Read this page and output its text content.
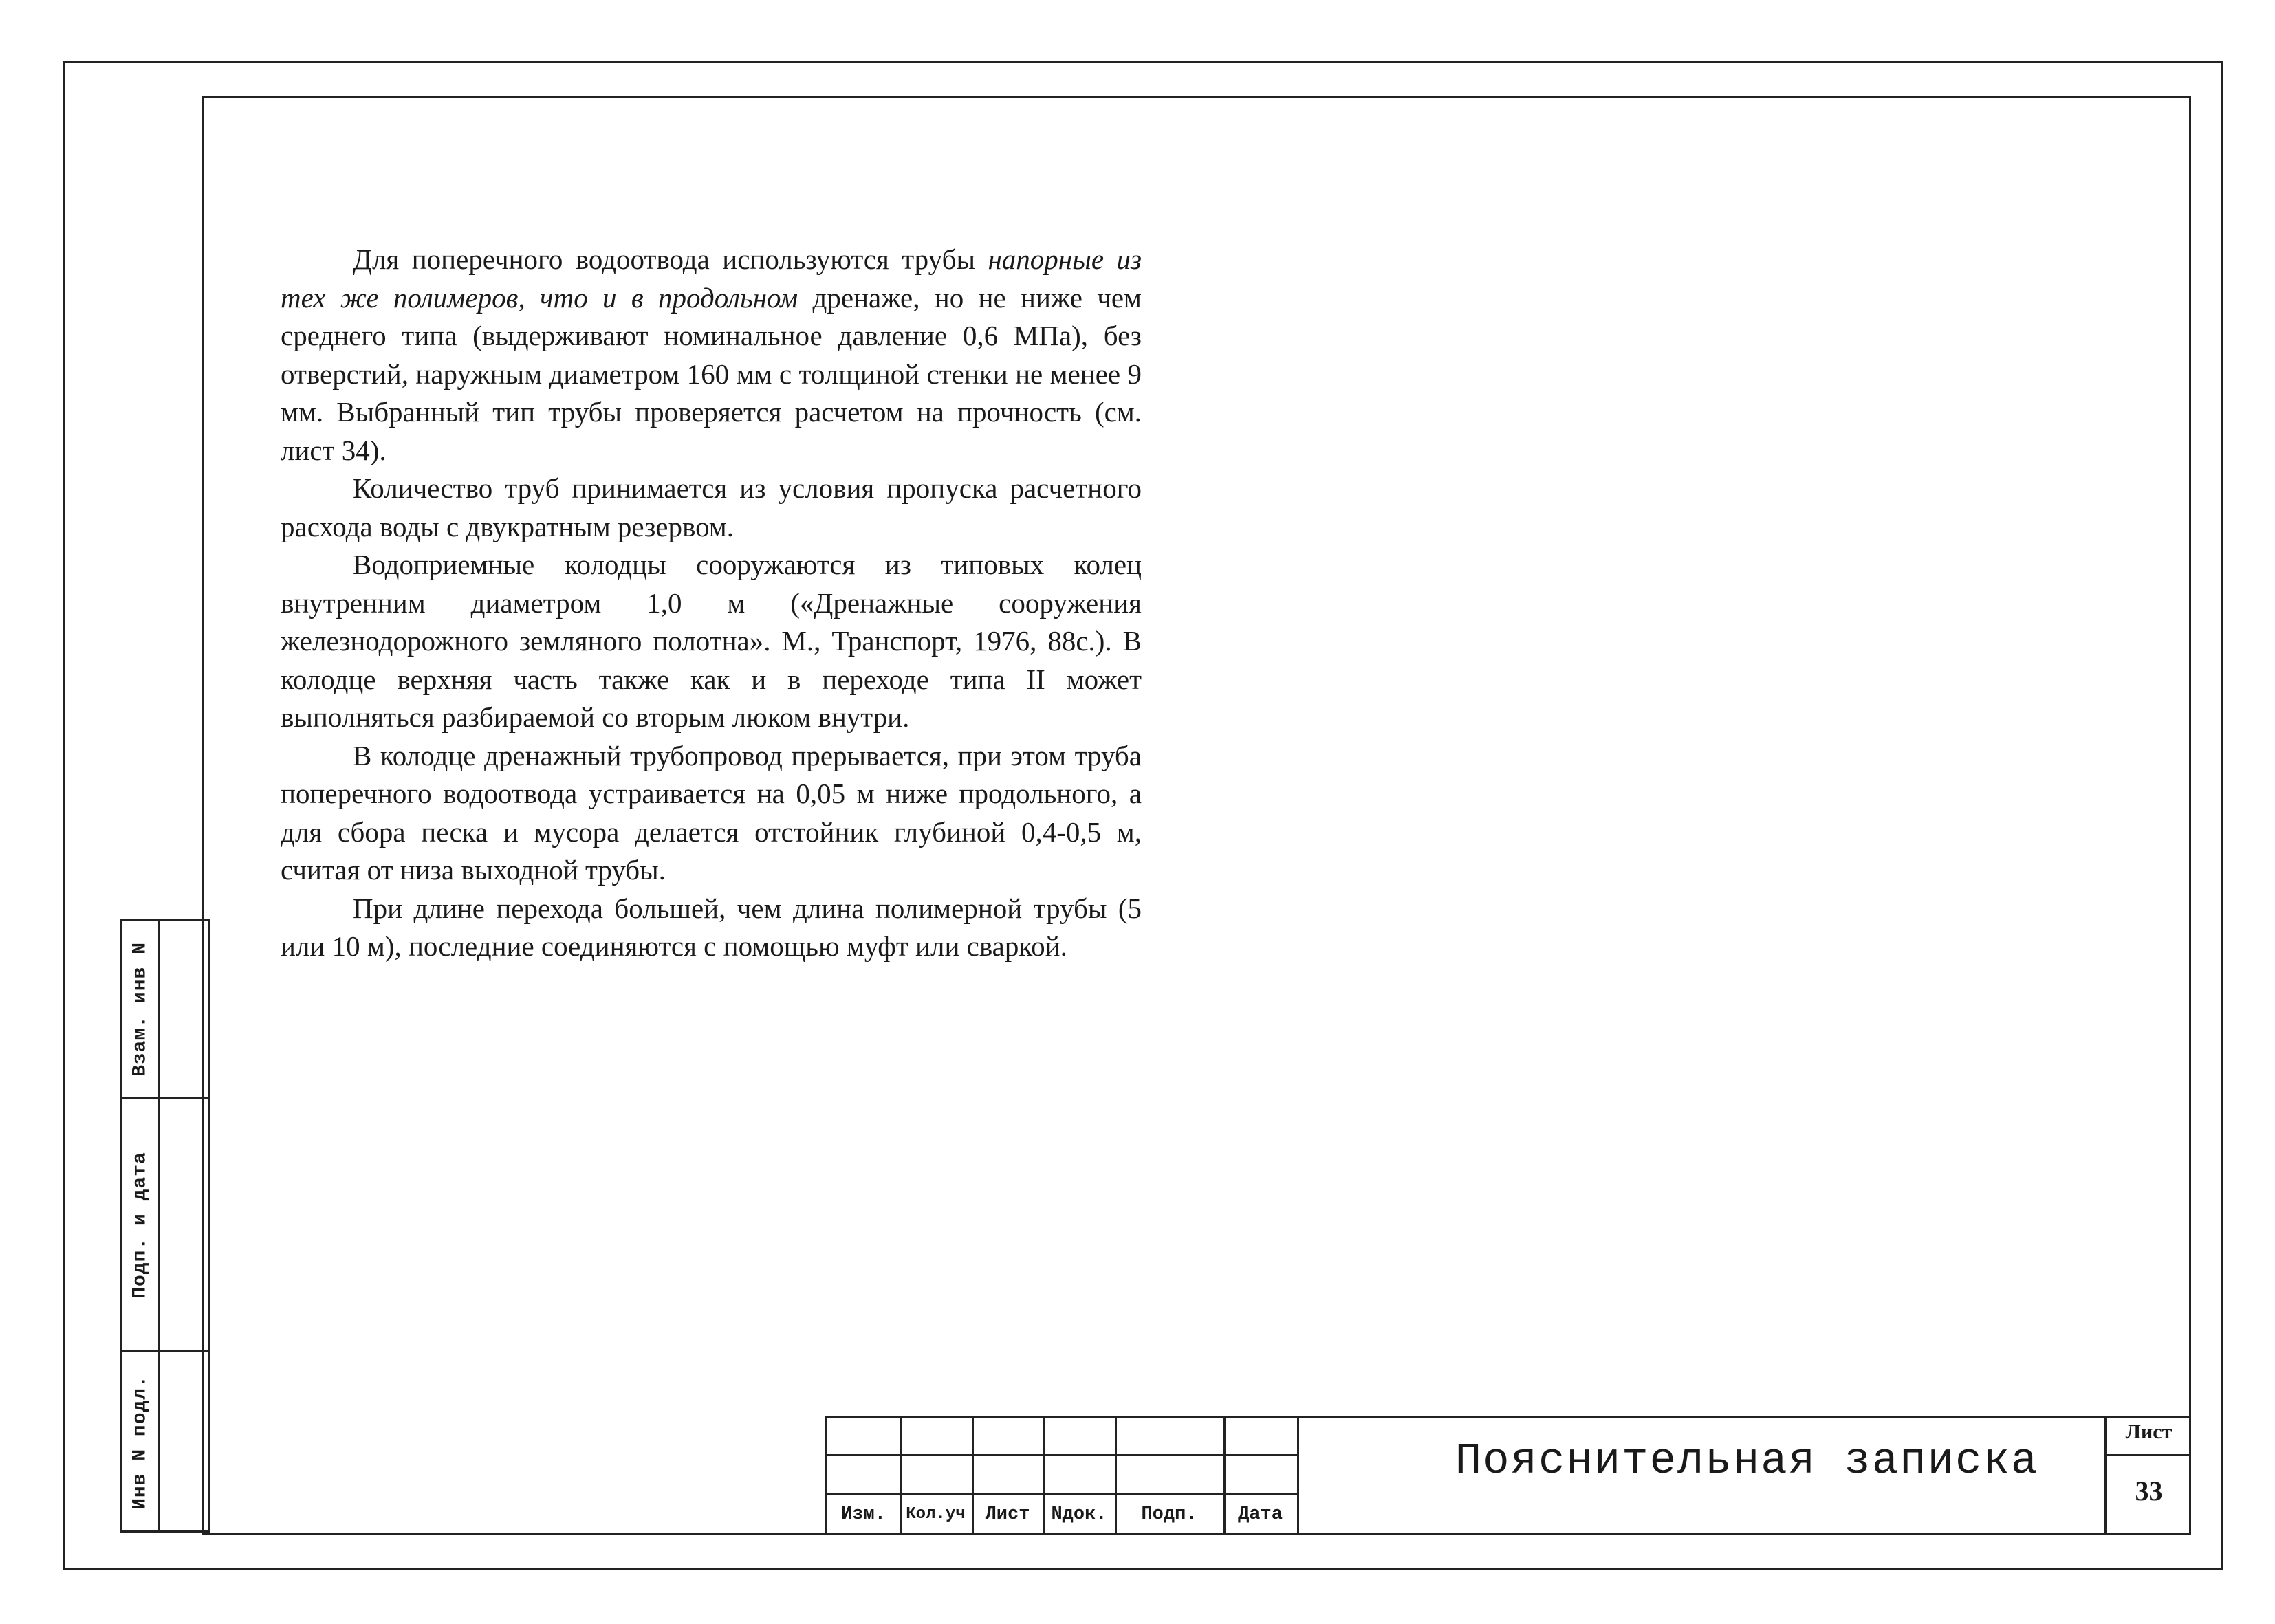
Взам. инв N
Подп. и дата
Инв N подл.

Для поперечного водоотвода используются трубы напорные из тех же полимеров, что и в продольном дренаже, но не ниже чем среднего типа (выдерживают номинальное давление 0,6 МПа), без отверстий, наружным диаметром 160 мм с толщиной стенки не менее 9 мм. Выбранный тип трубы проверяется расчетом на прочность (см. лист 34).

Количество труб принимается из условия пропуска расчетного расхода воды с двукратным резервом.

Водоприемные колодцы сооружаются из типовых колец внутренним диаметром 1,0 м («Дренажные сооружения железнодорожного земляного полотна». М., Транспорт, 1976, 88с.). В колодце верхняя часть также как и в переходе типа II может выполняться разбираемой со вторым люком внутри.

В колодце дренажный трубопровод прерывается, при этом труба поперечного водоотвода устраивается на 0,05 м ниже продольного, а для сбора песка и мусора делается отстойник глубиной 0,4-0,5 м, считая от низа выходной трубы.

При длине перехода большей, чем длина полимерной трубы (5 или 10 м), последние соединяются с помощью муфт или сваркой.

Изм.	Кол.уч	Лист	Nдок.	Подп.	Дата
Пояснительная записка
Лист
33
